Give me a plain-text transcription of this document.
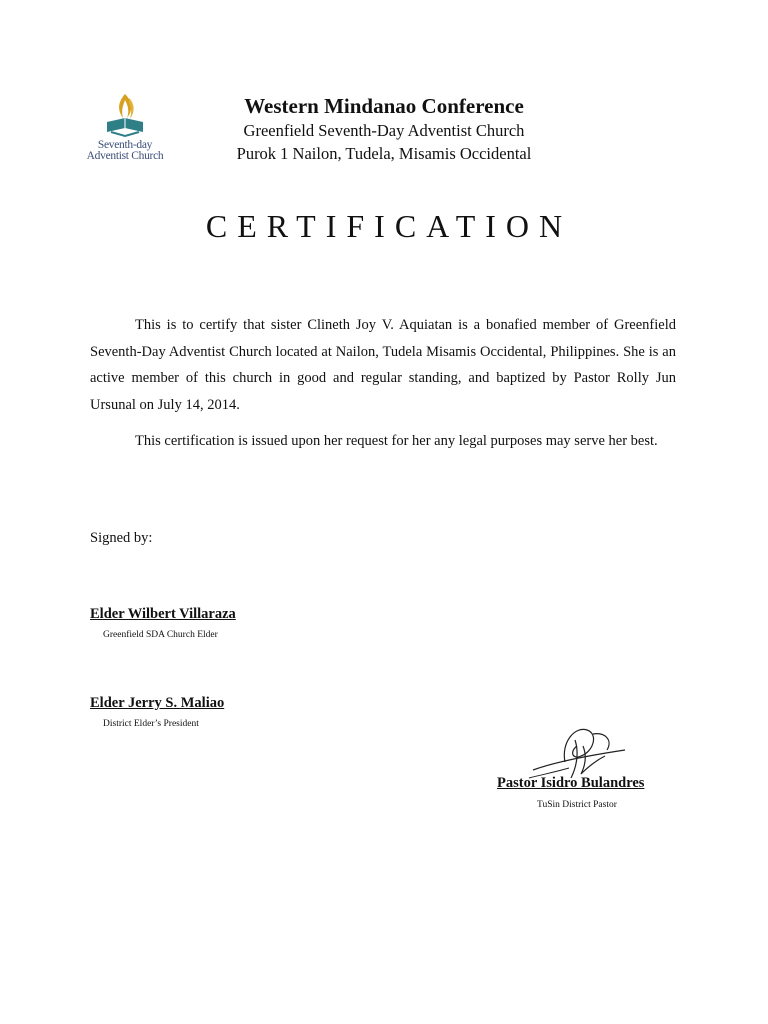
Seventh-day
Adventist Church
Western Mindanao Conference
Greenfield Seventh-Day Adventist Church
Purok 1 Nailon, Tudela, Misamis Occidental
CERTIFICATION

This is to certify that sister Clineth Joy V. Aquiatan is a bonafied member of Greenfield Seventh-Day Adventist Church located at Nailon, Tudela Misamis Occidental, Philippines. She is an active member of this church in good and regular standing, and baptized by Pastor Rolly Jun Ursunal on July 14, 2014.

This certification is issued upon her request for her any legal purposes may serve her best.

Signed by:
Elder Wilbert Villaraza
Greenfield SDA Church Elder
Elder Jerry S. Maliao
District Elder’s President
Pastor Isidro Bulandres
TuSin District Pastor
